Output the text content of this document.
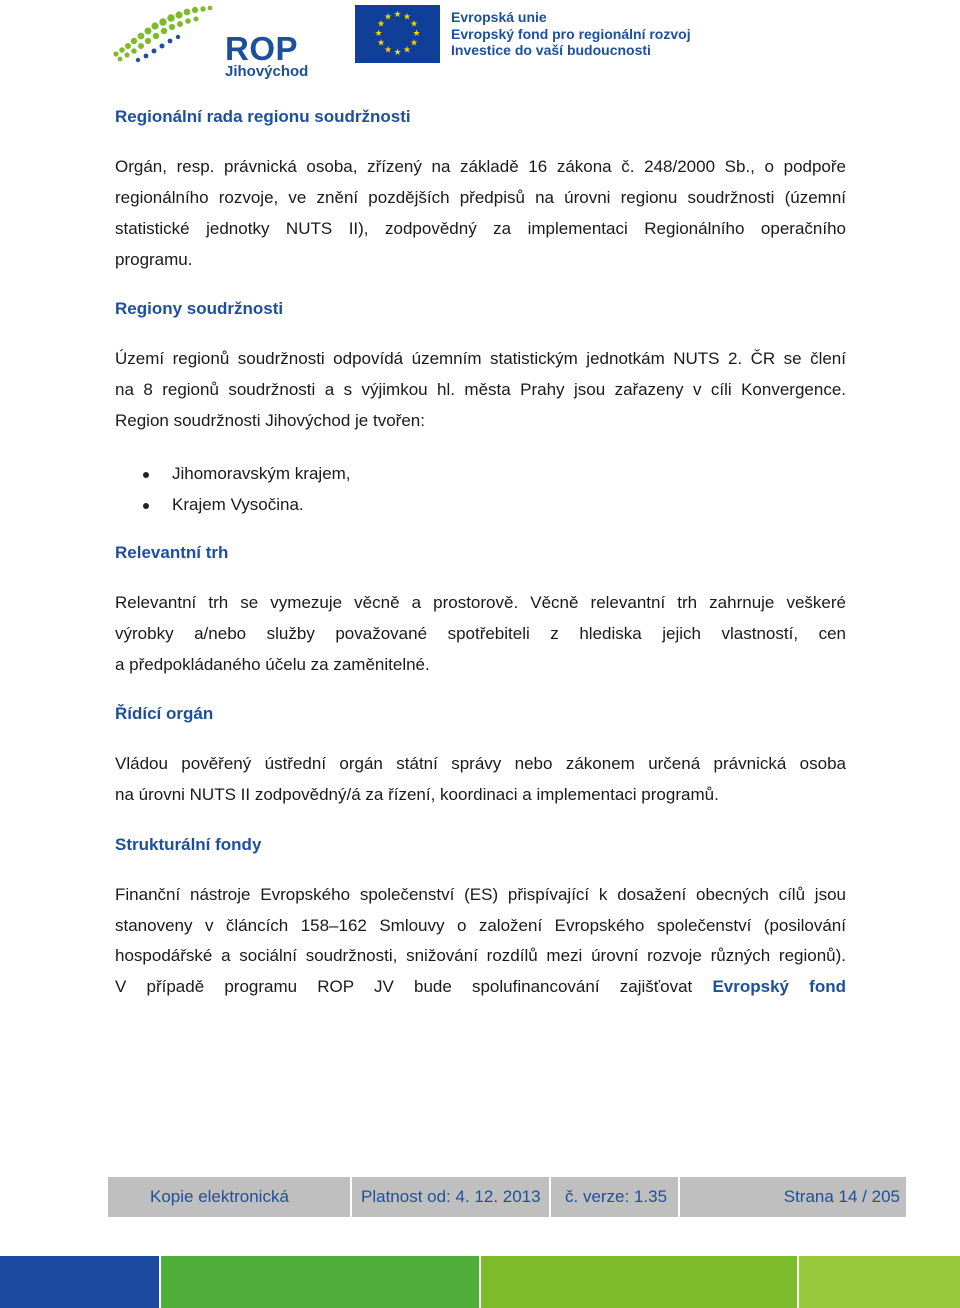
ROP
Jihovýchod
★ ★
★
★
★
★
★
★
★
★
★
★	Evropská unie
Evropský fond pro regionální rozvoj
Investice do vaší budoucnosti
Regionální rada regionu soudržnosti

Orgán, resp. právnická osoba, zřízený na základě 16 zákona č. 248/2000 Sb., o podpoře

regionálního rozvoje, ve znění pozdějších předpisů na úrovni regionu soudržnosti (územní

statistické jednotky NUTS II), zodpovědný za implementaci Regionálního operačního

programu.

Regiony soudržnosti

Území regionů soudržnosti odpovídá územním statistickým jednotkám NUTS 2. ČR se člení

na 8 regionů soudržnosti a s výjimkou hl. města Prahy jsou zařazeny v cíli Konvergence.

Region soudržnosti Jihovýchod je tvořen:

Jihomoravským krajem,
Krajem Vysočina.
Relevantní trh

Relevantní trh se vymezuje věcně a prostorově. Věcně relevantní trh zahrnuje veškeré

výrobky a/nebo služby považované spotřebiteli z hlediska jejich vlastností, cen

a předpokládaného účelu za zaměnitelné.

Řídící orgán

Vládou pověřený ústřední orgán státní správy nebo zákonem určená právnická osoba

na úrovni NUTS II zodpovědný/á za řízení, koordinaci a implementaci programů.

Strukturální fondy

Finanční nástroje Evropského společenství (ES) přispívající k dosažení obecných cílů jsou

stanoveny v článcích 158–162 Smlouvy o založení Evropského společenství (posilování

hospodářské a sociální soudržnosti, snižování rozdílů mezi úrovní rozvoje různých regionů).

V případě programu ROP JV bude spolufinancování zajišťovat Evropský fond

Kopie elektronická	Platnost od: 4. 12. 2013	č. verze: 1.35	Strana 14 / 205
